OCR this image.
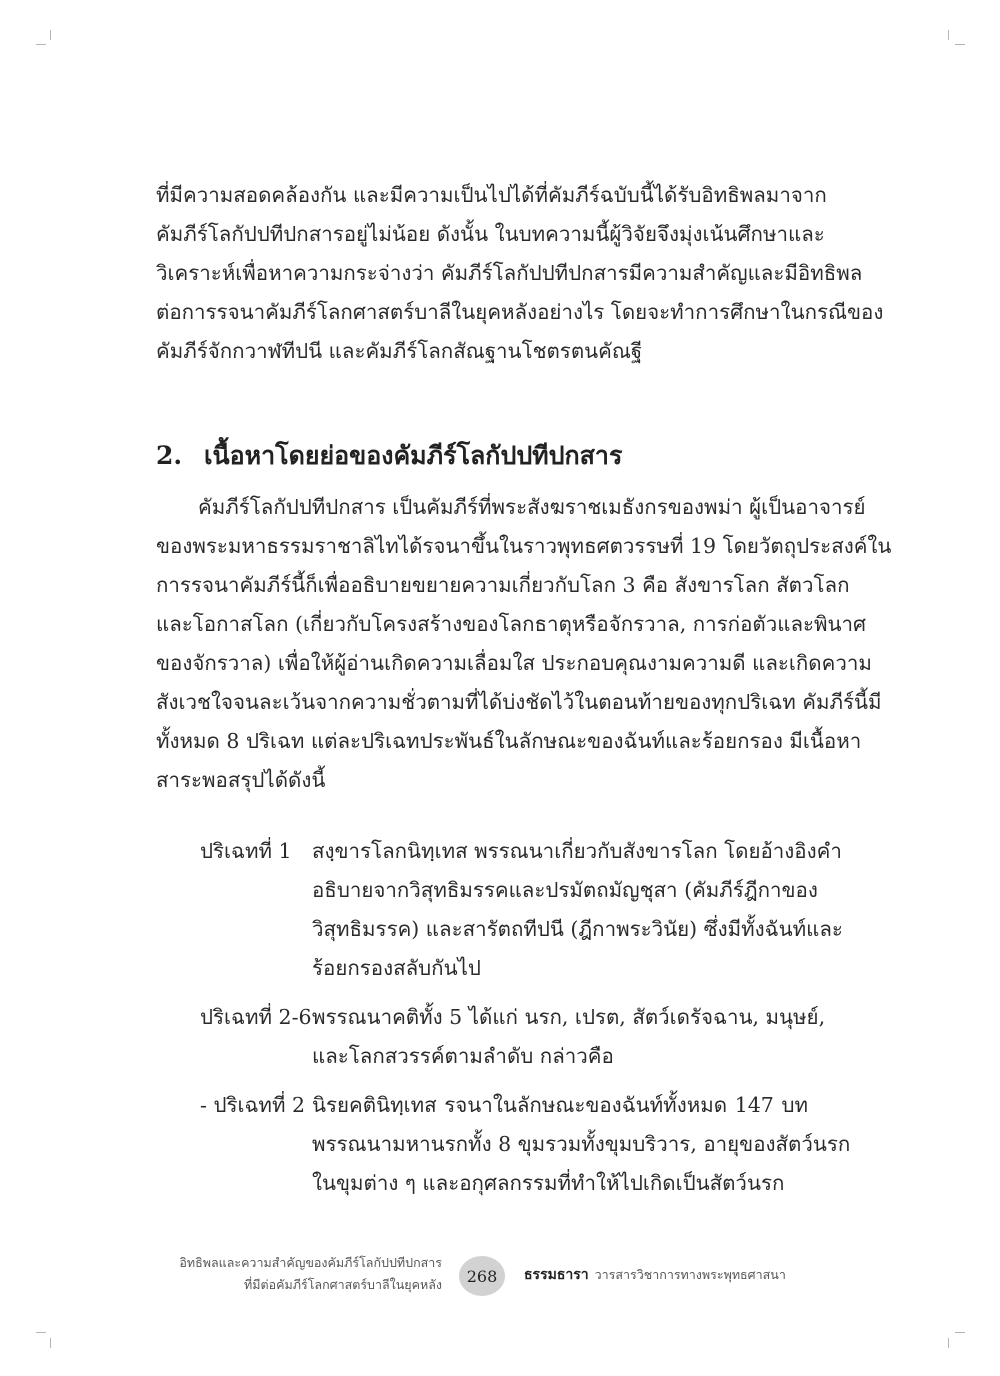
ที่มีความสอดคล้องกัน และมีความเป็นไปได้ที่คัมภีร์ฉบับนี้ได้รับอิทธิพลมาจาก
คัมภีร์โลกัปปทีปกสารอยู่ไม่น้อย ดังนั้น ในบทความนี้ผู้วิจัยจึงมุ่งเน้นศึกษาและ
วิเคราะห์เพื่อหาความกระจ่างว่า คัมภีร์โลกัปปทีปกสารมีความสำคัญและมีอิทธิพล
ต่อการรจนาคัมภีร์โลกศาสตร์บาลีในยุคหลังอย่างไร โดยจะทำการศึกษาในกรณีของ
คัมภีร์จักกวาฬทีปนี และคัมภีร์โลกสัณฐานโชตรตนคัณฐี
2. เนื้อหาโดยย่อของคัมภีร์โลกัปปทีปกสาร
คัมภีร์โลกัปปทีปกสาร เป็นคัมภีร์ที่พระสังฆราชเมธังกรของพม่า ผู้เป็นอาจารย์
ของพระมหาธรรมราชาลิไทได้รจนาขึ้นในราวพุทธศตวรรษที่ 19 โดยวัตถุประสงค์ใน
การรจนาคัมภีร์นี้ก็เพื่ออธิบายขยายความเกี่ยวกับโลก 3 คือ สังขารโลก สัตวโลก
และโอกาสโลก (เกี่ยวกับโครงสร้างของโลกธาตุหรือจักรวาล, การก่อตัวและพินาศ
ของจักรวาล) เพื่อให้ผู้อ่านเกิดความเลื่อมใส ประกอบคุณงามความดี และเกิดความ
สังเวชใจจนละเว้นจากความชั่วตามที่ได้บ่งชัดไว้ในตอนท้ายของทุกปริเฉท คัมภีร์นี้มี
ทั้งหมด 8 ปริเฉท แต่ละปริเฉทประพันธ์ในลักษณะของฉันท์และร้อยกรอง มีเนื้อหา
สาระพอสรุปได้ดังนี้
ปริเฉทที่ 1 สงฺขารโลกนิทฺเทส พรรณนาเกี่ยวกับสังขารโลก โดยอ้างอิงคำ
อธิบายจากวิสุทธิมรรคและปรมัตถมัญชุสา (คัมภีร์ฎีกาของ
วิสุทธิมรรค) และสารัตถทีปนี (ฎีกาพระวินัย) ซึ่งมีทั้งฉันท์และ
ร้อยกรองสลับกันไป
ปริเฉทที่ 2-6 พรรณนาคติทั้ง 5 ได้แก่ นรก, เปรต, สัตว์เดรัจฉาน, มนุษย์,
และโลกสวรรค์ตามลำดับ กล่าวคือ
- ปริเฉทที่ 2 นิรยคตินิทฺเทส รจนาในลักษณะของฉันท์ทั้งหมด 147 บท
พรรณนามหานรกทั้ง 8 ขุมรวมทั้งขุมบริวาร, อายุของสัตว์นรก
ในขุมต่าง ๆ และอกุศลกรรมที่ทำให้ไปเกิดเป็นสัตว์นรก
อิทธิพลและความสำคัญของคัมภีร์โลกัปปทีปกสาร
ที่มีต่อคัมภีร์โลกศาสตร์บาลีในยุคหลัง	268	ธรรมธารา วารสารวิชาการทางพระพุทธศาสนา
